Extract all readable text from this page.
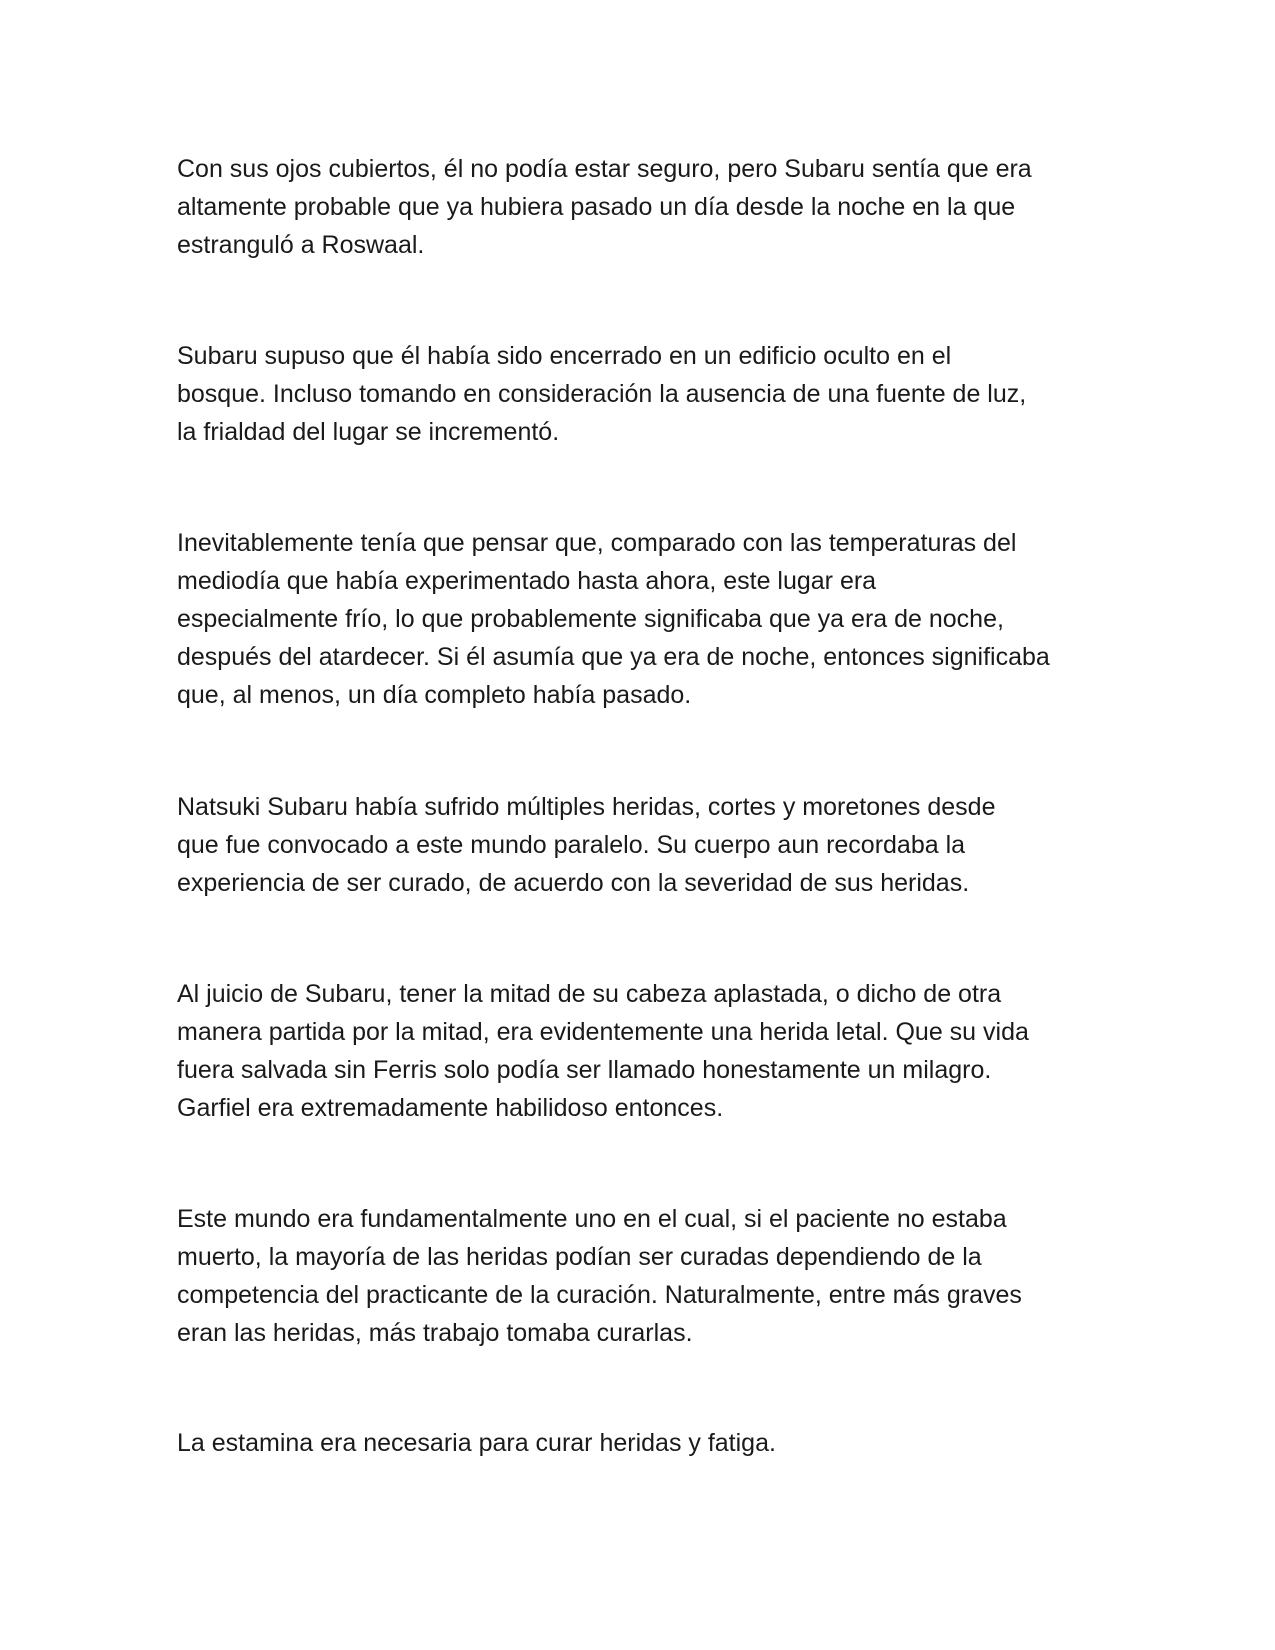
Con sus ojos cubiertos, él no podía estar seguro, pero Subaru sentía que era
altamente probable que ya hubiera pasado un día desde la noche en la que
estranguló a Roswaal.

Subaru supuso que él había sido encerrado en un edificio oculto en el
bosque. Incluso tomando en consideración la ausencia de una fuente de luz,
la frialdad del lugar se incrementó.

Inevitablemente tenía que pensar que, comparado con las temperaturas del
mediodía que había experimentado hasta ahora, este lugar era
especialmente frío, lo que probablemente significaba que ya era de noche,
después del atardecer. Si él asumía que ya era de noche, entonces significaba
que, al menos, un día completo había pasado.

Natsuki Subaru había sufrido múltiples heridas, cortes y moretones desde
que fue convocado a este mundo paralelo. Su cuerpo aun recordaba la
experiencia de ser curado, de acuerdo con la severidad de sus heridas.

Al juicio de Subaru, tener la mitad de su cabeza aplastada, o dicho de otra
manera partida por la mitad, era evidentemente una herida letal. Que su vida
fuera salvada sin Ferris solo podía ser llamado honestamente un milagro.
Garfiel era extremadamente habilidoso entonces.

Este mundo era fundamentalmente uno en el cual, si el paciente no estaba
muerto, la mayoría de las heridas podían ser curadas dependiendo de la
competencia del practicante de la curación. Naturalmente, entre más graves
eran las heridas, más trabajo tomaba curarlas.

La estamina era necesaria para curar heridas y fatiga.
